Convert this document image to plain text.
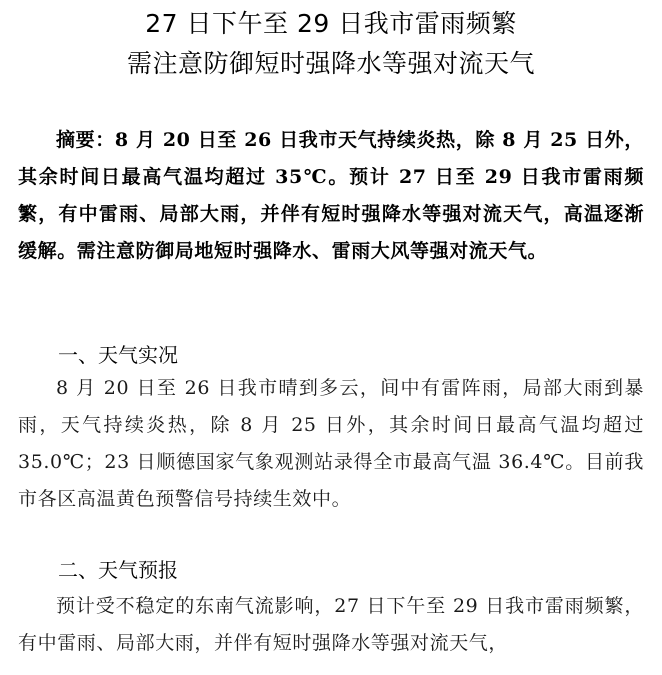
27 日下午至 29 日我市雷雨频繁
需注意防御短时强降水等强对流天气

摘要：8 月 20 日至 26 日我市天气持续炎热，除 8 月 25 日外，其余时间日最高气温均超过 35℃。预计 27 日至 29 日我市雷雨频繁，有中雷雨、局部大雨，并伴有短时强降水等强对流天气，高温逐渐缓解。需注意防御局地短时强降水、雷雨大风等强对流天气。

一、天气实况

8 月 20 日至 26 日我市晴到多云，间中有雷阵雨，局部大雨到暴雨，天气持续炎热，除 8 月 25 日外，其余时间日最高气温均超过 35.0℃；23 日顺德国家气象观测站录得全市最高气温 36.4℃。目前我市各区高温黄色预警信号持续生效中。

二、天气预报

预计受不稳定的东南气流影响，27 日下午至 29 日我市雷雨频繁，有中雷雨、局部大雨，并伴有短时强降水等强对流天气，
